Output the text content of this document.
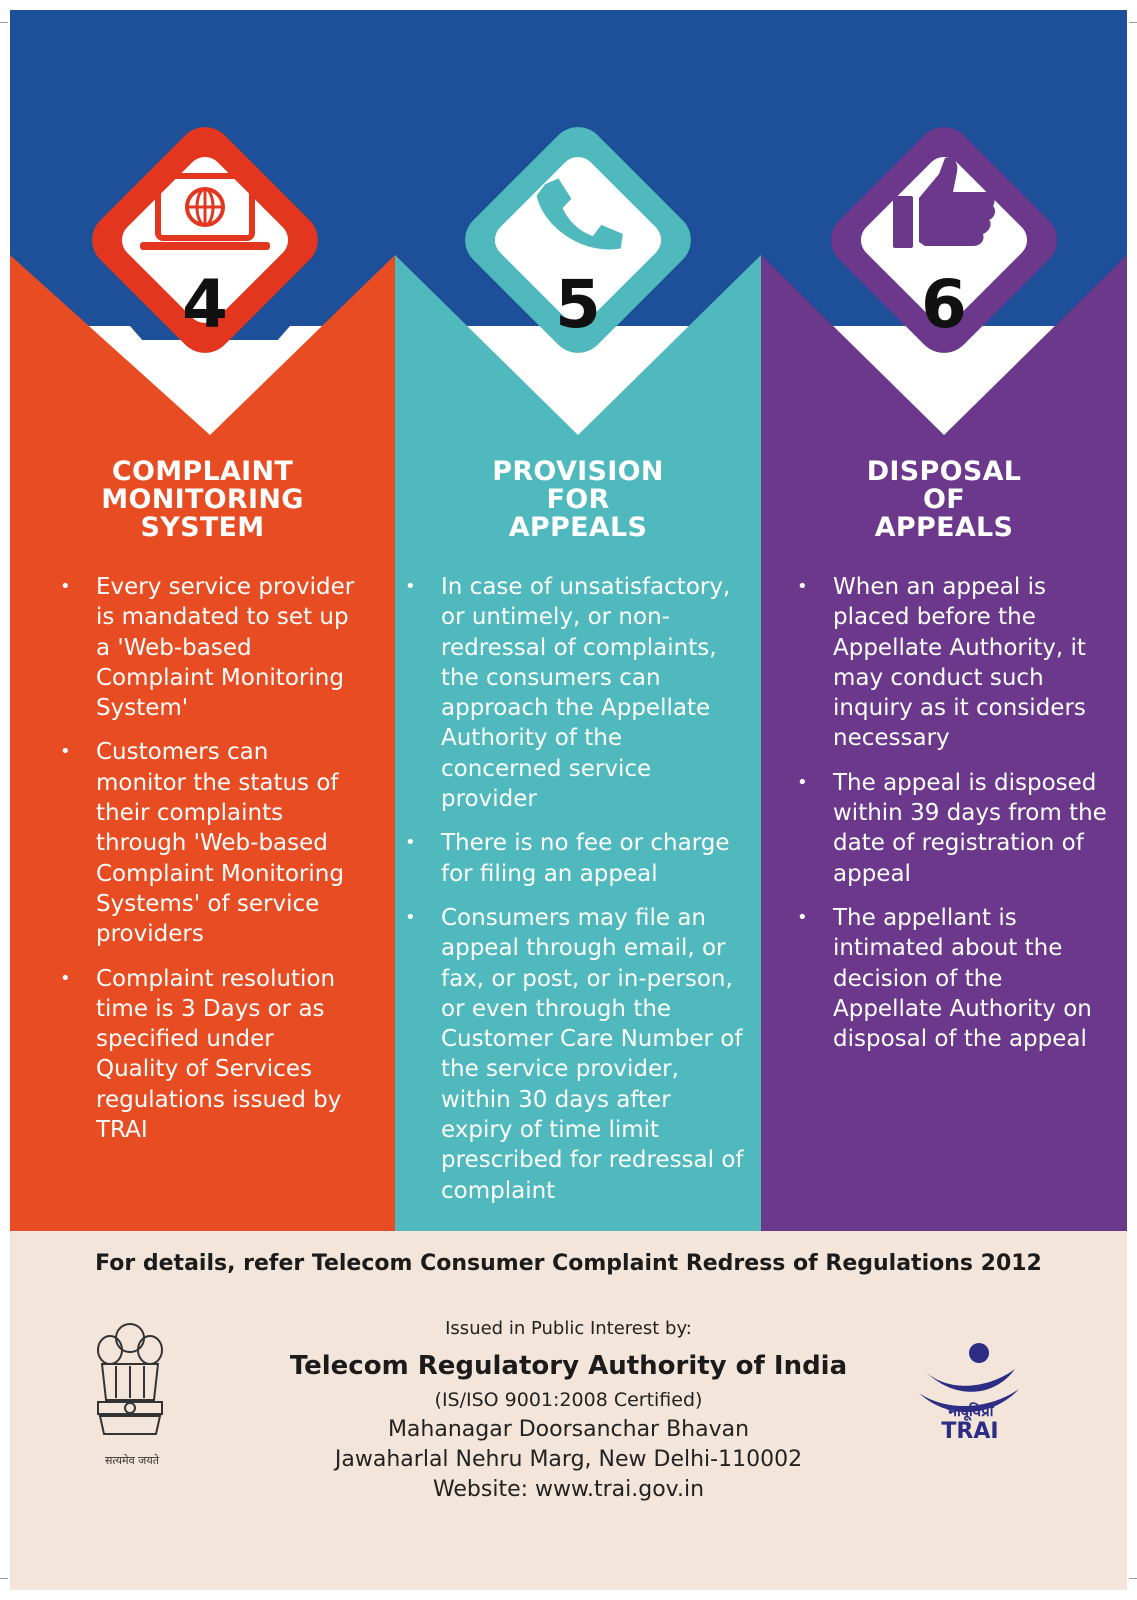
4
COMPLAINT
MONITORING
SYSTEM
• Every service provider is mandated to set up a 'Web-based Complaint Monitoring System'
• Customers can monitor the status of their complaints through 'Web-based Complaint Monitoring Systems' of service providers
• Complaint resolution time is 3 Days or as specified under Quality of Services regulations issued by TRAI
5
PROVISION
FOR
APPEALS
• In case of unsatisfactory, or untimely, or non-redressal of complaints, the consumers can approach the Appellate Authority of the concerned service provider
• There is no fee or charge for filing an appeal
• Consumers may file an appeal through email, or fax, or post, or in-person, or even through the Customer Care Number of the service provider, within 30 days after expiry of time limit prescribed for redressal of complaint
6
DISPOSAL
OF
APPEALS
• When an appeal is placed before the Appellate Authority, it may conduct such inquiry as it considers necessary
• The appeal is disposed within 39 days from the date of registration of appeal
• The appellant is intimated about the decision of the Appellate Authority on disposal of the appeal
For details, refer Telecom Consumer Complaint Redress of Regulations 2012
सत्यमेव जयते
Issued in Public Interest by:
Telecom Regulatory Authority of India
(IS/ISO 9001:2008 Certified)
Mahanagar Doorsanchar Bhavan
Jawaharlal Nehru Marg, New Delhi-110002
Website: www.trai.gov.in
भादूविप्रा
TRAI
